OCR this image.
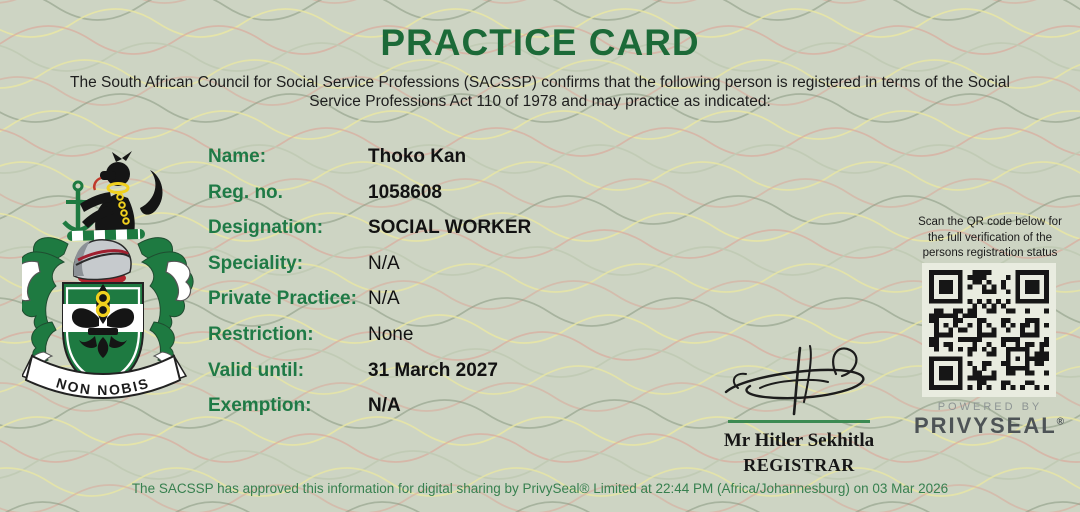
PRACTICE CARD
The South African Council for Social Service Professions (SACSSP) confirms that the following person is registered in terms of the Social
Service Professions Act 110 of 1978 and may practice as indicated:
NON NOBIS
Name:	Thoko Kan
Reg. no.	1058608
Designation:	SOCIAL WORKER
Speciality:	N/A
Private Practice: N/A
Restriction:	None
Valid until:	31 March 2027
Exemption:	N/A
Mr Hitler Sekhitla
REGISTRAR
Scan the QR code below for
the full verification of the
persons registration status
POWERED BY
PRIVYSEAL®
The SACSSP has approved this information for digital sharing by PrivySeal® Limited at 22:44 PM (Africa/Johannesburg) on 03 Mar 2026
